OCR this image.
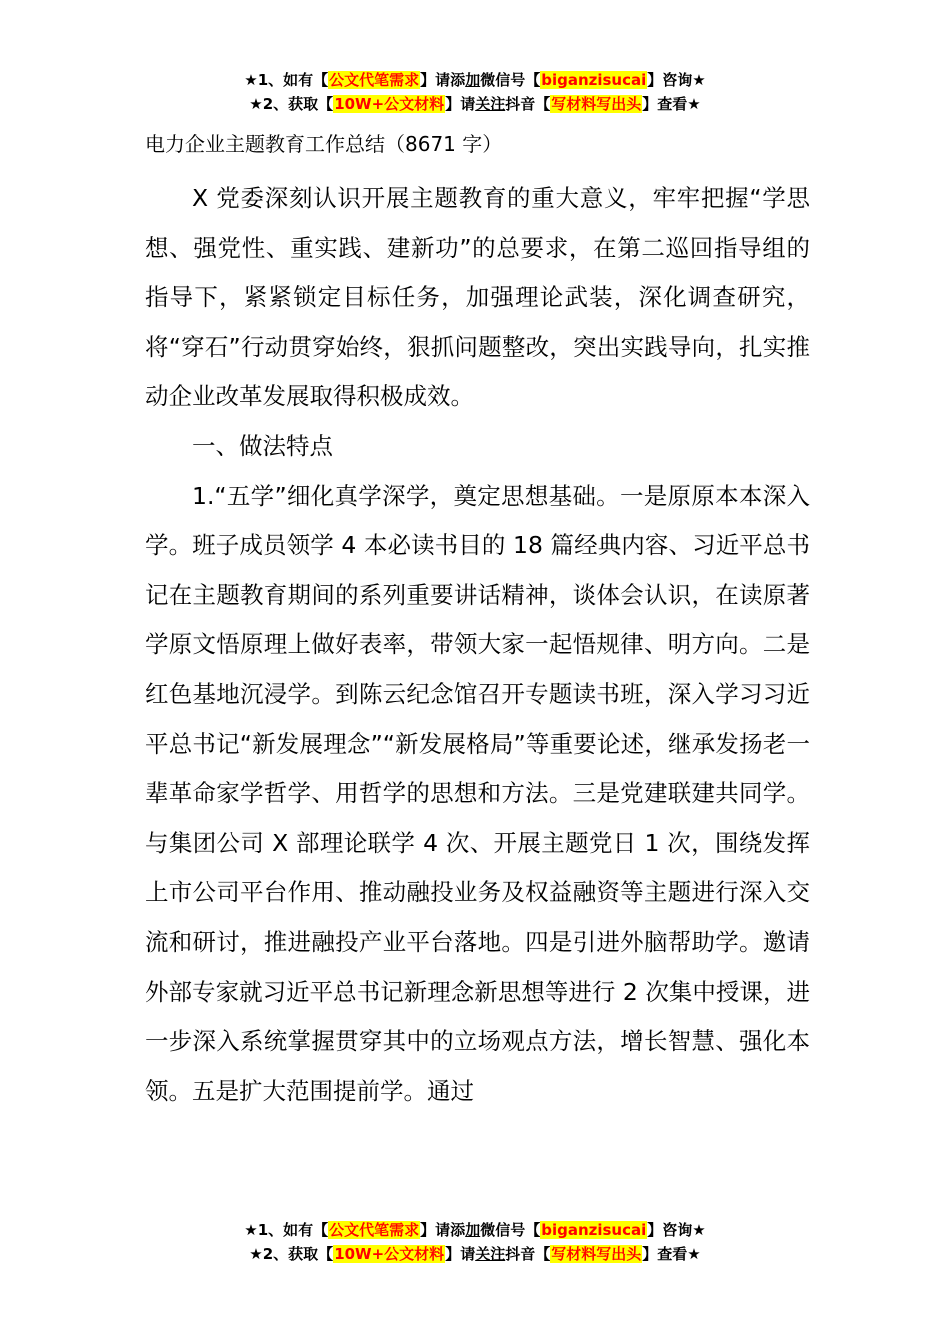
★1、如有【公文代笔需求】请添加微信号【biganzisucai】咨询★
★2、获取【10W+公文材料】请关注抖音【写材料写出头】查看★

电力企业主题教育工作总结（8671 字）

X 党委深刻认识开展主题教育的重大意义，牢牢把握“学思想、强党性、重实践、建新功”的总要求，在第二巡回指导组的指导下，紧紧锁定目标任务，加强理论武装，深化调查研究，将“穿石”行动贯穿始终，狠抓问题整改，突出实践导向，扎实推动企业改革发展取得积极成效。

一、做法特点

1.“五学”细化真学深学，奠定思想基础。一是原原本本深入学。班子成员领学 4 本必读书目的 18 篇经典内容、习近平总书记在主题教育期间的系列重要讲话精神，谈体会认识，在读原著学原文悟原理上做好表率，带领大家一起悟规律、明方向。二是红色基地沉浸学。到陈云纪念馆召开专题读书班，深入学习习近平总书记“新发展理念”“新发展格局”等重要论述，继承发扬老一辈革命家学哲学、用哲学的思想和方法。三是党建联建共同学。与集团公司 X 部理论联学 4 次、开展主题党日 1 次，围绕发挥上市公司平台作用、推动融投业务及权益融资等主题进行深入交流和研讨，推进融投产业平台落地。四是引进外脑帮助学。邀请外部专家就习近平总书记新理念新思想等进行 2 次集中授课，进一步深入系统掌握贯穿其中的立场观点方法，增长智慧、强化本领。五是扩大范围提前学。通过

★1、如有【公文代笔需求】请添加微信号【biganzisucai】咨询★
★2、获取【10W+公文材料】请关注抖音【写材料写出头】查看★
